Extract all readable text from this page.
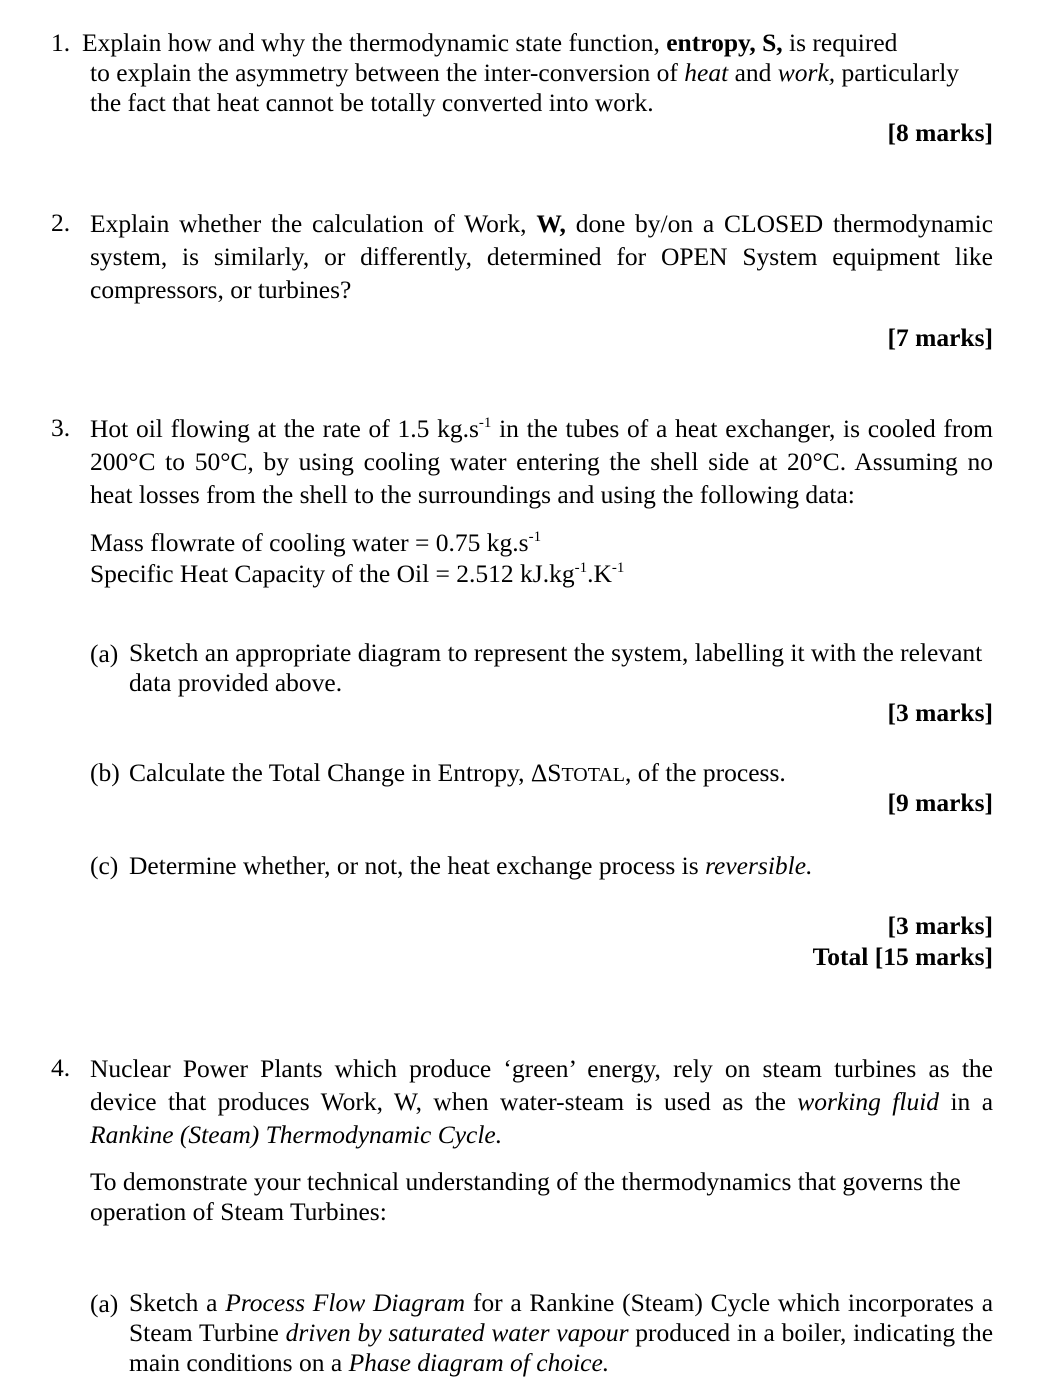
1. Explain how and why the thermodynamic state function, entropy, S, is required
to explain the asymmetry between the inter-conversion of heat and work, particularly
the fact that heat cannot be totally converted into work.
[8 marks]
2. Explain whether the calculation of Work, W, done by/on a CLOSED thermodynamic system, is similarly, or differently, determined for OPEN System equipment like compressors, or turbines?
[7 marks]
3. Hot oil flowing at the rate of 1.5 $kg.s^{-1}$ in the tubes of a heat exchanger, is cooled from 200°C to 50°C, by using cooling water entering the shell side at 20°C. Assuming no heat losses from the shell to the surroundings and using the following data:
Mass flowrate of cooling water = 0.75 $kg.s^{-1}$
Specific Heat Capacity of the Oil = 2.512 $kJ.kg^{-1}.K^{-1}$
(a) Sketch an appropriate diagram to represent the system, labelling it with the relevant data provided above.
[3 marks]
(b) Calculate the Total Change in Entropy, ΔSTOTAL, of the process.
[9 marks]
(c) Determine whether, or not, the heat exchange process is reversible.
[3 marks]
Total [15 marks]
4. Nuclear Power Plants which produce ‘green’ energy, rely on steam turbines as the device that produces Work, W, when water-steam is used as the working fluid in a Rankine (Steam) Thermodynamic Cycle.
To demonstrate your technical understanding of the thermodynamics that governs the operation of Steam Turbines:
(a) Sketch a Process Flow Diagram for a Rankine (Steam) Cycle which incorporates a Steam Turbine driven by saturated water vapour produced in a boiler, indicating the main conditions on a Phase diagram of choice.
